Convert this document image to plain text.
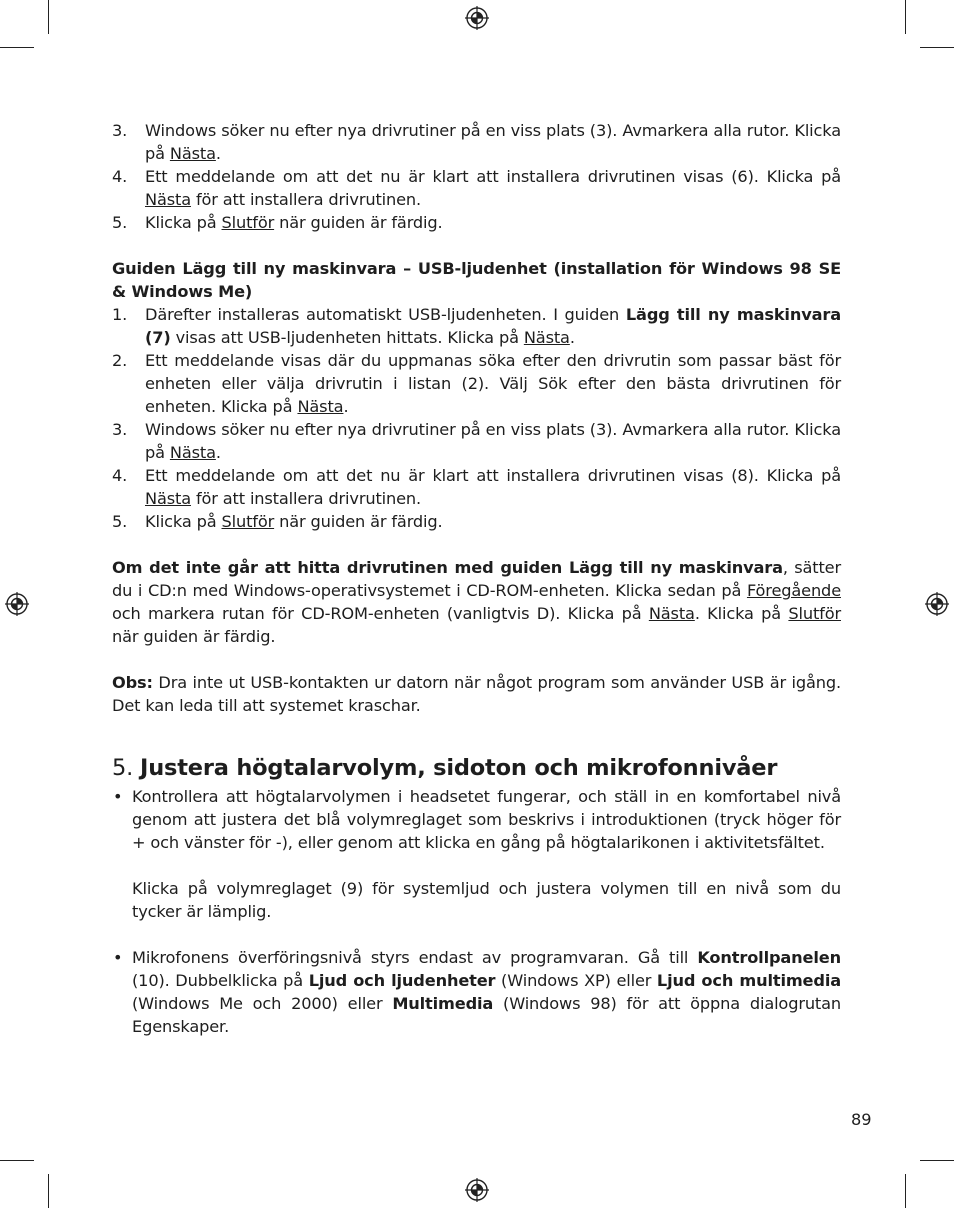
3. Windows söker nu efter nya drivrutiner på en viss plats (3). Avmarkera alla rutor. Klicka på Nästa.
4. Ett meddelande om att det nu är klart att installera drivrutinen visas (6). Klicka på Nästa för att installera drivrutinen.
5. Klicka på Slutför när guiden är färdig.
Guiden Lägg till ny maskinvara – USB-ljudenhet (installation för Windows 98 SE & Windows Me)
1. Därefter installeras automatiskt USB-ljudenheten. I guiden Lägg till ny maskinvara (7) visas att USB-ljudenheten hittats. Klicka på Nästa.
2. Ett meddelande visas där du uppmanas söka efter den drivrutin som passar bäst för enheten eller välja drivrutin i listan (2). Välj Sök efter den bästa drivrutinen för enheten. Klicka på Nästa.
3. Windows söker nu efter nya drivrutiner på en viss plats (3). Avmarkera alla rutor. Klicka på Nästa.
4. Ett meddelande om att det nu är klart att installera drivrutinen visas (8). Klicka på Nästa för att installera drivrutinen.
5. Klicka på Slutför när guiden är färdig.

Om det inte går att hitta drivrutinen med guiden Lägg till ny maskinvara, sätter du i CD:n med Windows-operativsystemet i CD-ROM-enheten. Klicka sedan på Föregående och markera rutan för CD-ROM-enheten (vanligtvis D). Klicka på Nästa. Klicka på Slutför när guiden är färdig.

Obs: Dra inte ut USB-kontakten ur datorn när något program som använder USB är igång. Det kan leda till att systemet kraschar.

5. Justera högtalarvolym, sidoton och mikrofonnivåer
• Kontrollera att högtalarvolymen i headsetet fungerar, och ställ in en komfortabel nivå genom att justera det blå volymreglaget som beskrivs i introduktionen (tryck höger för + och vänster för -), eller genom att klicka en gång på högtalarikonen i aktivitetsfältet.

Klicka på volymreglaget (9) för systemljud och justera volymen till en nivå som du tycker är lämplig.

• Mikrofonens överföringsnivå styrs endast av programvaran. Gå till Kontrollpanelen (10). Dubbelklicka på Ljud och ljudenheter (Windows XP) eller Ljud och multimedia (Windows Me och 2000) eller Multimedia (Windows 98) för att öppna dialogrutan Egenskaper.

89
